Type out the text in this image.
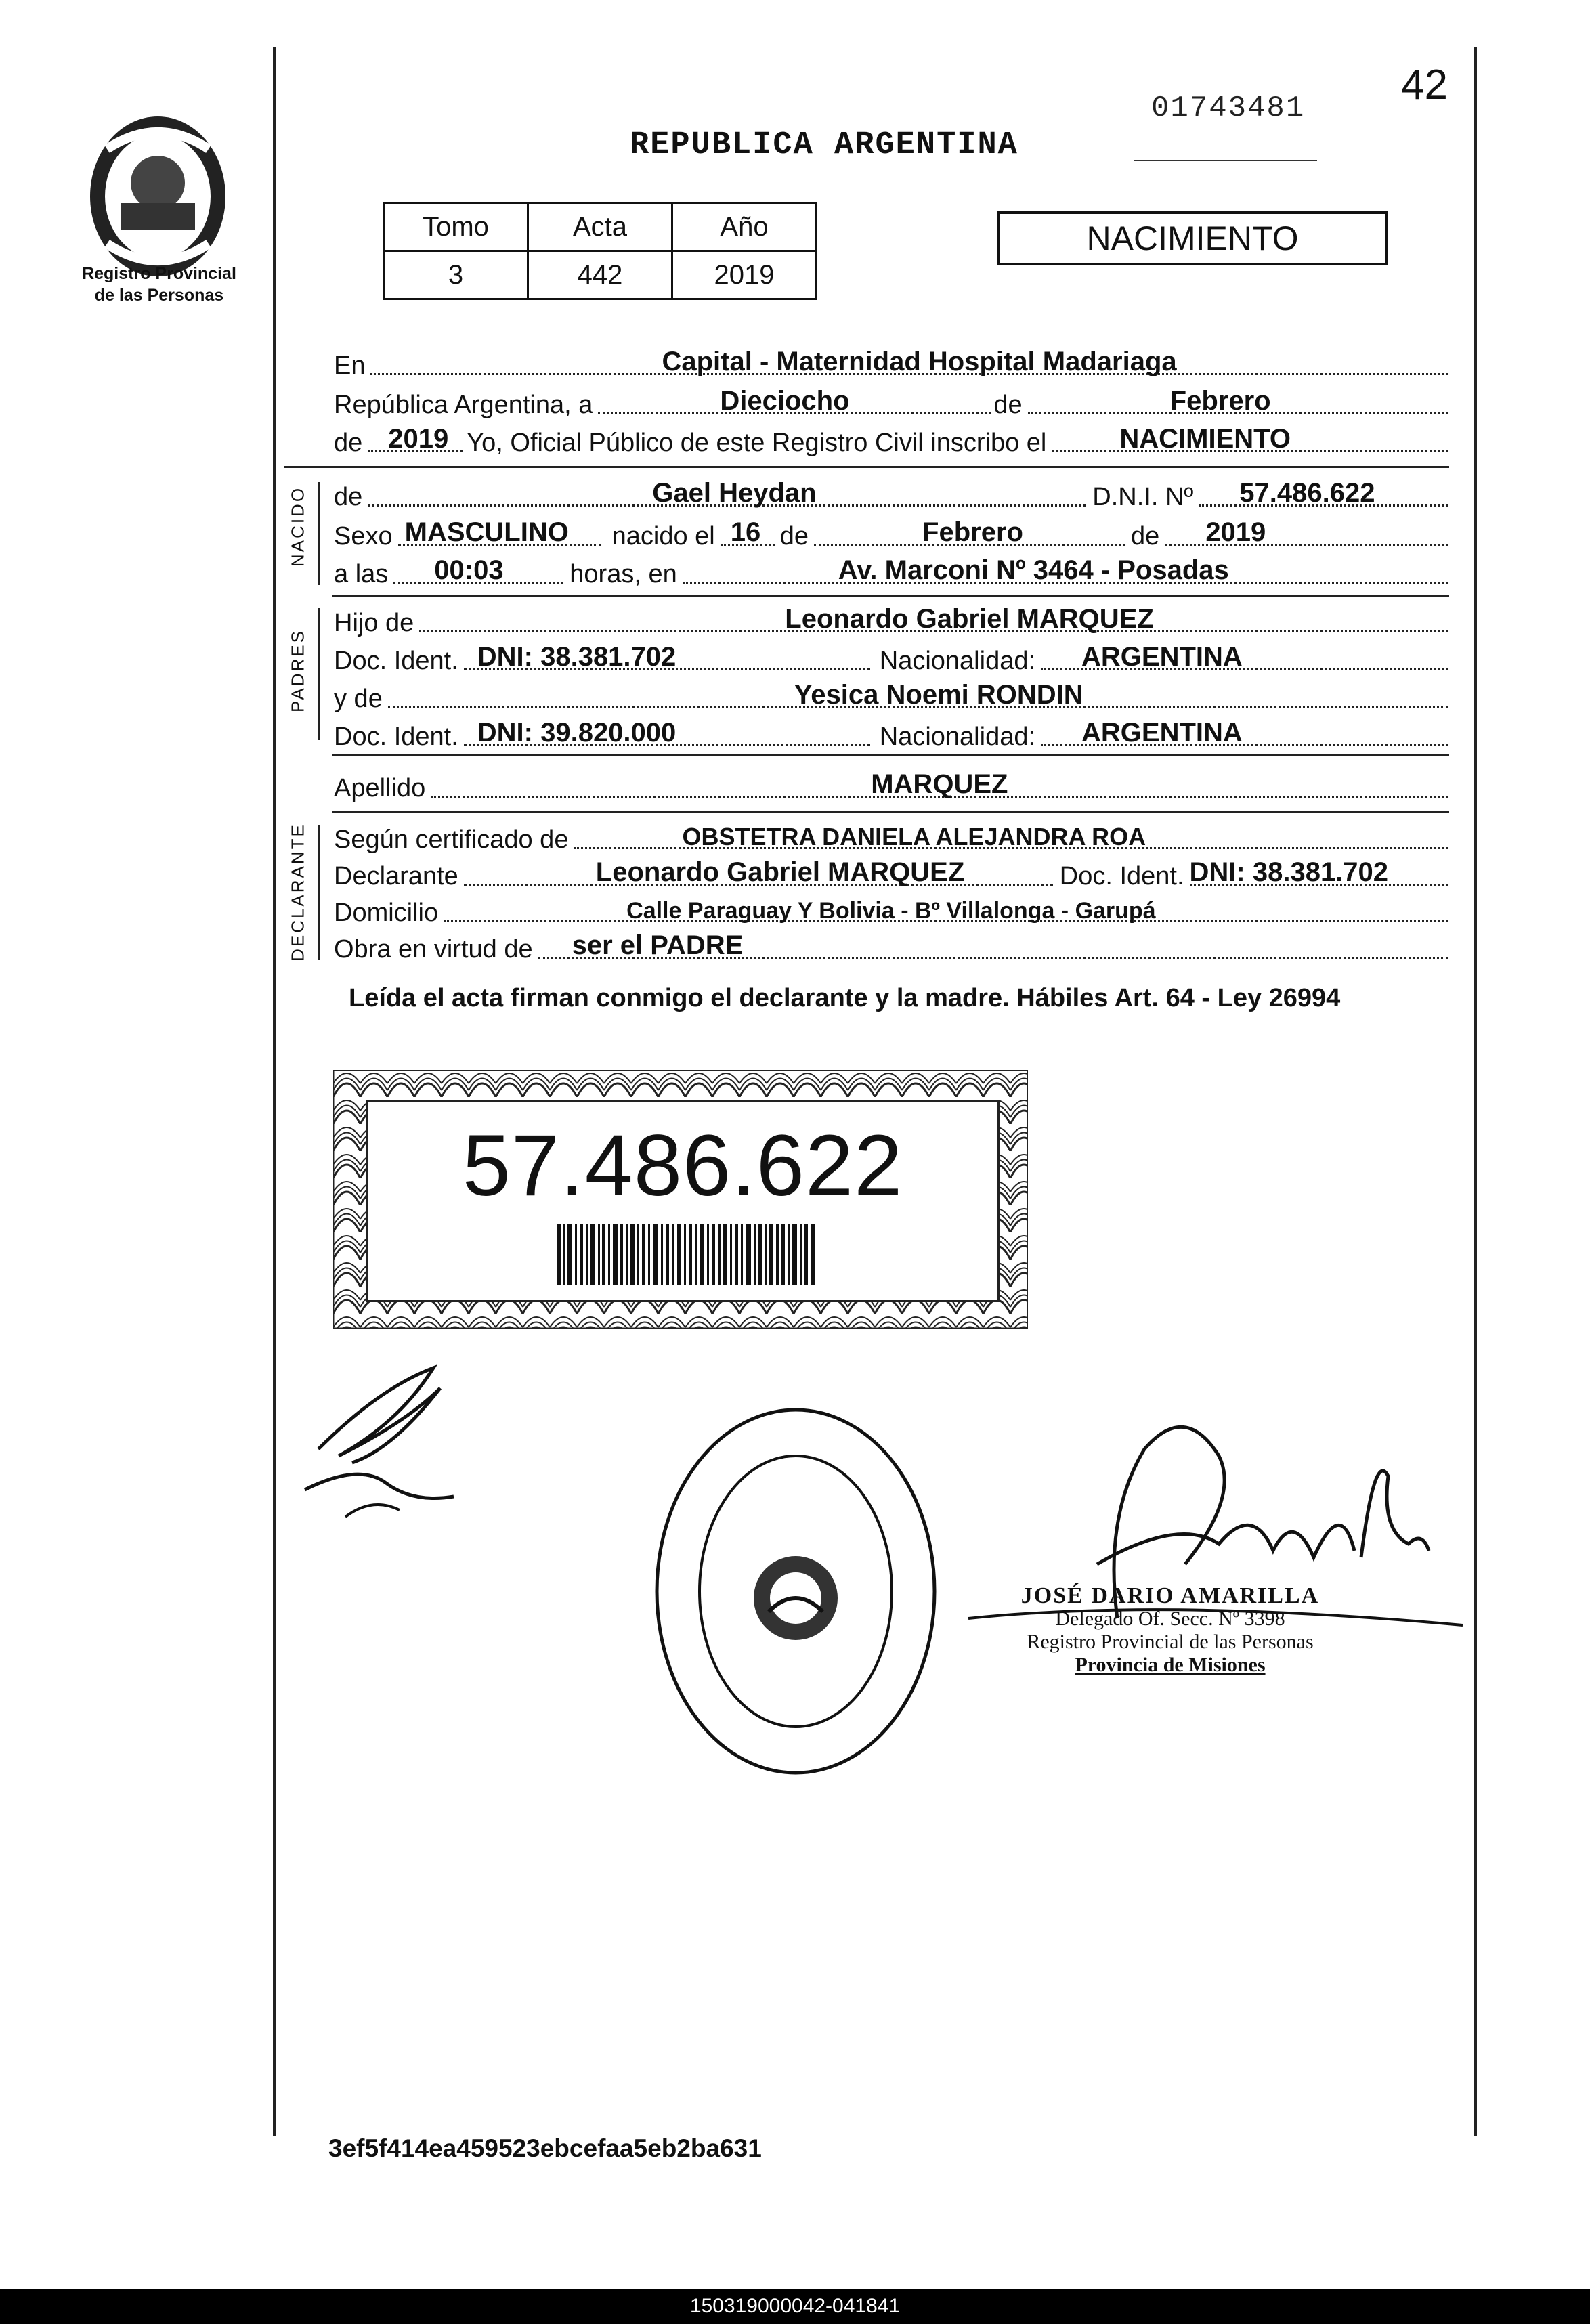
Registro Provincial
de las Personas
42
01743481
REPUBLICA ARGENTINA
Tomo	Acta	Año
3	442	2019
NACIMIENTO
En	Capital - Maternidad Hospital Madariaga
República Argentina, a	Dieciocho	de	Febrero
de 2019 Yo, Oficial Público de este Registro Civil inscribo el	NACIMIENTO
NACIDO de	Gael Heydan	D.N.I. Nº 57.486.622
Sexo MASCULINO	nacido el 16 de	Febrero	de 2019
a las 00:03	horas, en	Av. Marconi Nº 3464 - Posadas
PADRES
Hijo de	Leonardo Gabriel MARQUEZ
Doc. Ident. DNI: 38.381.702	Nacionalidad: ARGENTINA
y de	Yesica Noemi RONDIN
Doc. Ident. DNI: 39.820.000	Nacionalidad: ARGENTINA
Apellido	MARQUEZ
DECLARANTE Según certificado de	OBSTETRA DANIELA ALEJANDRA ROA
Declarante	Leonardo Gabriel MARQUEZ	Doc. Ident. DNI: 38.381.702
Domicilio	Calle Paraguay Y Bolivia - Bº Villalonga - Garupá
Obra en virtud de ser el PADRE
Leída el acta firman conmigo el declarante y la madre. Hábiles Art. 64 - Ley 26994
57.486.622
JOSÉ DARIO AMARILLA
Delegado Of. Secc. Nº 3398
Registro Provincial de las Personas
Provincia de Misiones
3ef5f414ea459523ebcefaa5eb2ba631
150319000042-041841
